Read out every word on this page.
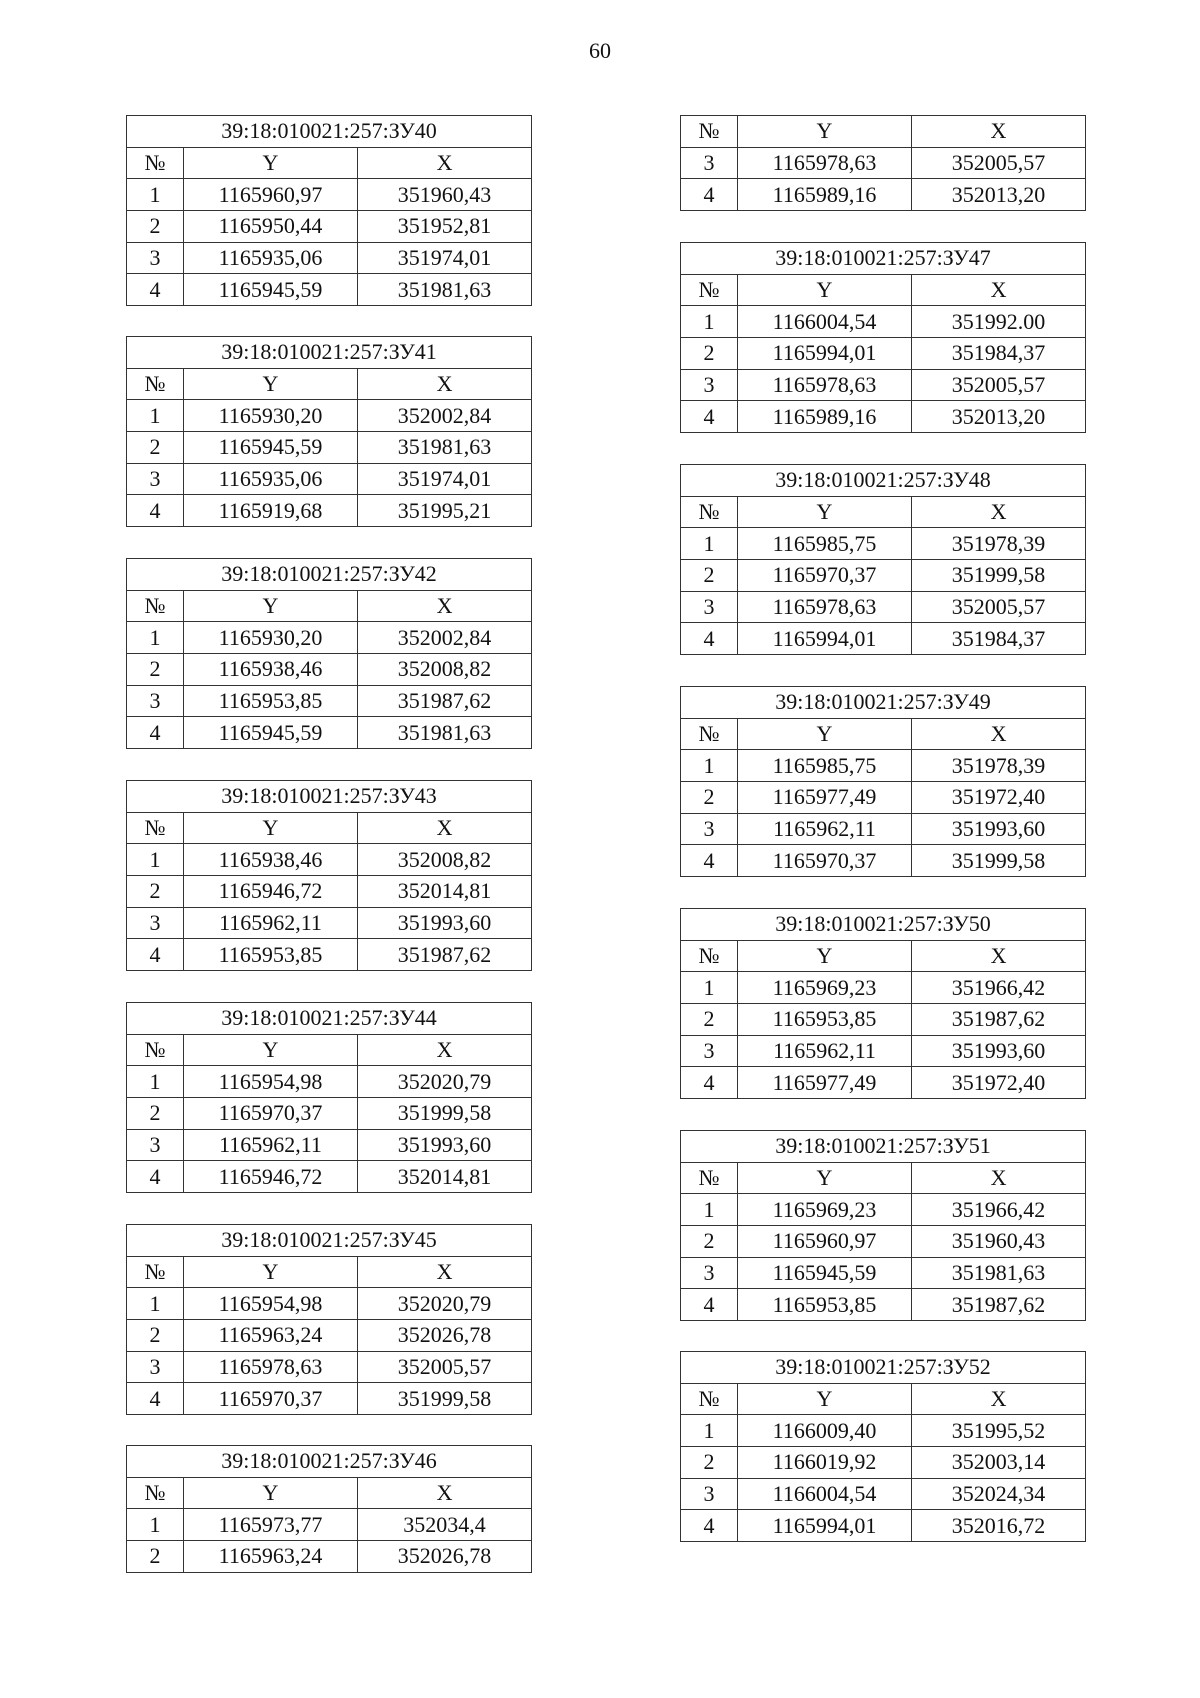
60
39:18:010021:257:ЗУ40		
№	Y	X
1	1165960,97	351960,43
2	1165950,44	351952,81
3	1165935,06	351974,01
4	1165945,59	351981,63
39:18:010021:257:ЗУ41		
№	Y	X
1	1165930,20	352002,84
2	1165945,59	351981,63
3	1165935,06	351974,01
4	1165919,68	351995,21
39:18:010021:257:ЗУ42		
№	Y	X
1	1165930,20	352002,84
2	1165938,46	352008,82
3	1165953,85	351987,62
4	1165945,59	351981,63
39:18:010021:257:ЗУ43		
№	Y	X
1	1165938,46	352008,82
2	1165946,72	352014,81
3	1165962,11	351993,60
4	1165953,85	351987,62
39:18:010021:257:ЗУ44		
№	Y	X
1	1165954,98	352020,79
2	1165970,37	351999,58
3	1165962,11	351993,60
4	1165946,72	352014,81
39:18:010021:257:ЗУ45		
№	Y	X
1	1165954,98	352020,79
2	1165963,24	352026,78
3	1165978,63	352005,57
4	1165970,37	351999,58
39:18:010021:257:ЗУ46		
№	Y	X
1	1165973,77	352034,4
2	1165963,24	352026,78
№	Y	X
3	1165978,63	352005,57
4	1165989,16	352013,20
39:18:010021:257:ЗУ47		
№	Y	X
1	1166004,54	351992.00
2	1165994,01	351984,37
3	1165978,63	352005,57
4	1165989,16	352013,20
39:18:010021:257:ЗУ48		
№	Y	X
1	1165985,75	351978,39
2	1165970,37	351999,58
3	1165978,63	352005,57
4	1165994,01	351984,37
39:18:010021:257:ЗУ49		
№	Y	X
1	1165985,75	351978,39
2	1165977,49	351972,40
3	1165962,11	351993,60
4	1165970,37	351999,58
39:18:010021:257:ЗУ50		
№	Y	X
1	1165969,23	351966,42
2	1165953,85	351987,62
3	1165962,11	351993,60
4	1165977,49	351972,40
39:18:010021:257:ЗУ51		
№	Y	X
1	1165969,23	351966,42
2	1165960,97	351960,43
3	1165945,59	351981,63
4	1165953,85	351987,62
39:18:010021:257:ЗУ52		
№	Y	X
1	1166009,40	351995,52
2	1166019,92	352003,14
3	1166004,54	352024,34
4	1165994,01	352016,72
